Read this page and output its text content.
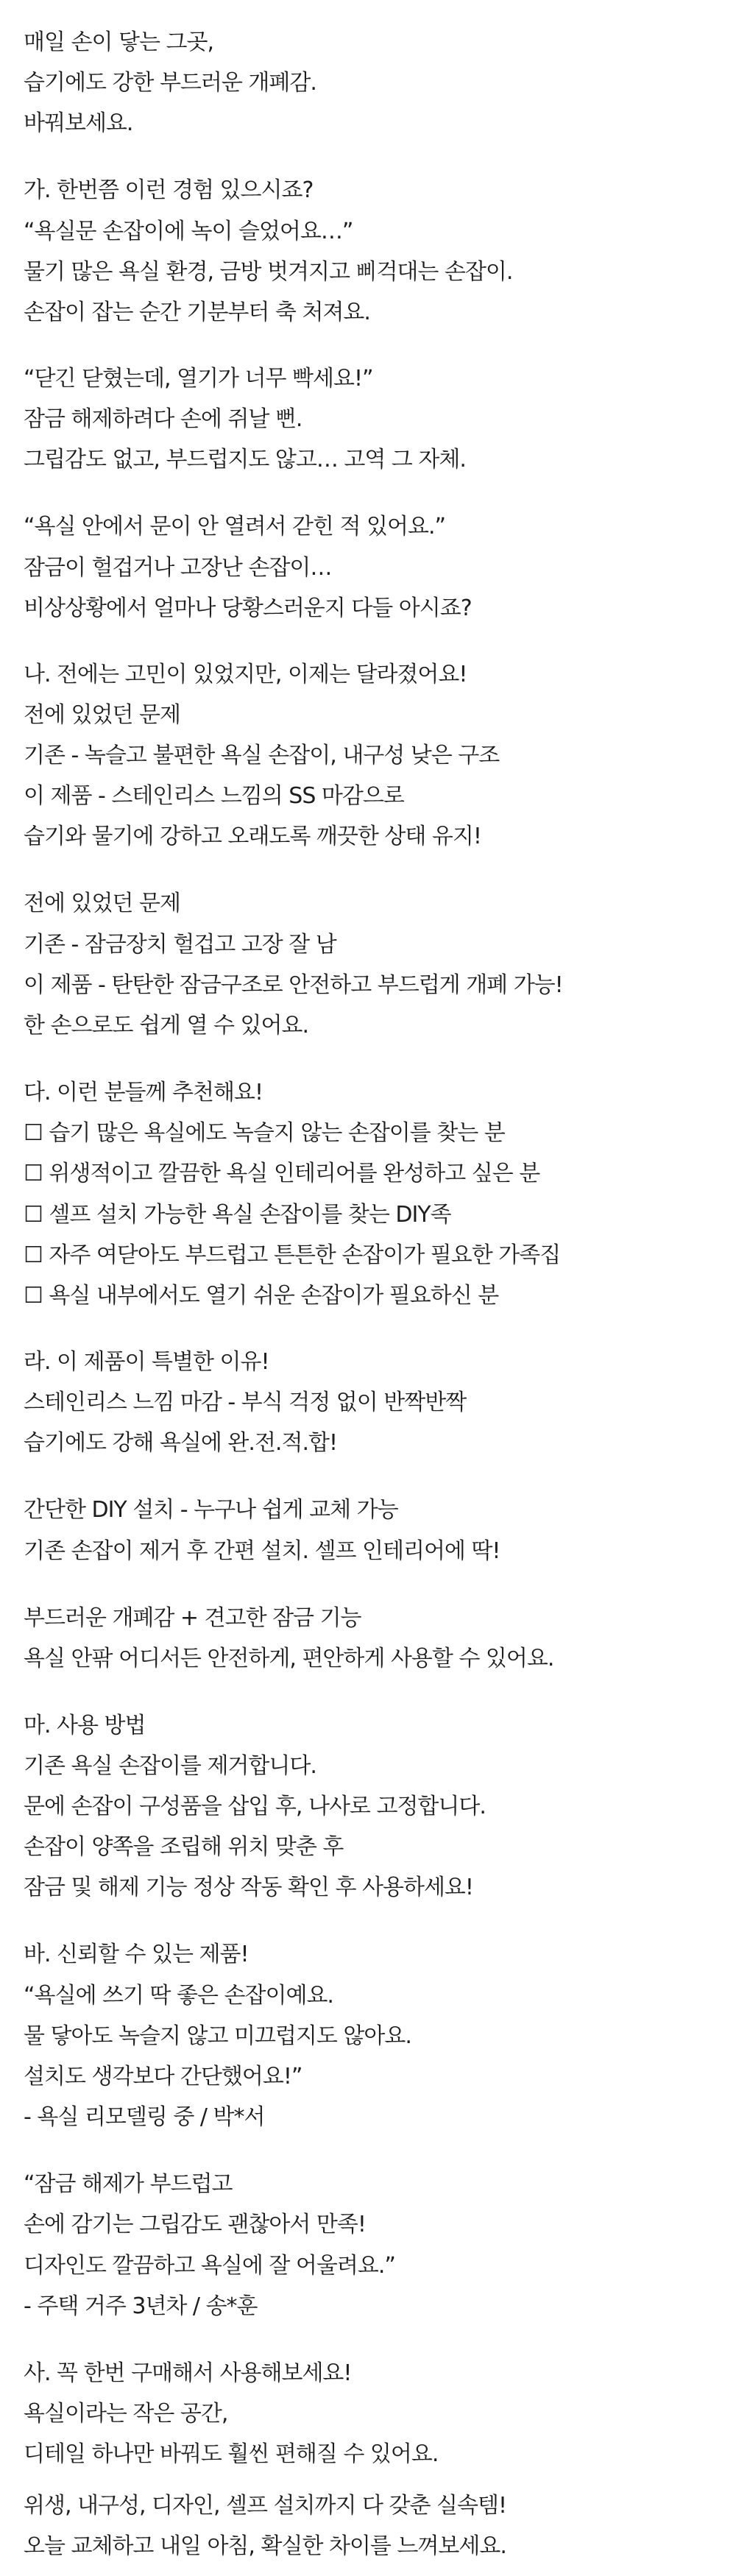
매일 손이 닿는 그곳,
습기에도 강한 부드러운 개폐감.
바꿔보세요.
가. 한번쯤 이런 경험 있으시죠?
“욕실문 손잡이에 녹이 슬었어요…”
물기 많은 욕실 환경, 금방 벗겨지고 삐걱대는 손잡이.
손잡이 잡는 순간 기분부터 축 처져요.
“닫긴 닫혔는데, 열기가 너무 빡세요!”
잠금 해제하려다 손에 쥐날 뻔.
그립감도 없고, 부드럽지도 않고… 고역 그 자체.
“욕실 안에서 문이 안 열려서 갇힌 적 있어요.”
잠금이 헐겁거나 고장난 손잡이…
비상상황에서 얼마나 당황스러운지 다들 아시죠?
나. 전에는 고민이 있었지만, 이제는 달라졌어요!
전에 있었던 문제
기존 - 녹슬고 불편한 욕실 손잡이, 내구성 낮은 구조
이 제품 - 스테인리스 느낌의 SS 마감으로
습기와 물기에 강하고 오래도록 깨끗한 상태 유지!
전에 있었던 문제
기존 - 잠금장치 헐겁고 고장 잘 남
이 제품 - 탄탄한 잠금구조로 안전하고 부드럽게 개폐 가능!
한 손으로도 쉽게 열 수 있어요.
다. 이런 분들께 추천해요!
☐ 습기 많은 욕실에도 녹슬지 않는 손잡이를 찾는 분
☐ 위생적이고 깔끔한 욕실 인테리어를 완성하고 싶은 분
☐ 셀프 설치 가능한 욕실 손잡이를 찾는 DIY족
☐ 자주 여닫아도 부드럽고 튼튼한 손잡이가 필요한 가족집
☐ 욕실 내부에서도 열기 쉬운 손잡이가 필요하신 분
라. 이 제품이 특별한 이유!
스테인리스 느낌 마감 - 부식 걱정 없이 반짝반짝
습기에도 강해 욕실에 완.전.적.합!
간단한 DIY 설치 - 누구나 쉽게 교체 가능
기존 손잡이 제거 후 간편 설치. 셀프 인테리어에 딱!
부드러운 개폐감 + 견고한 잠금 기능
욕실 안팎 어디서든 안전하게, 편안하게 사용할 수 있어요.
마. 사용 방법
기존 욕실 손잡이를 제거합니다.
문에 손잡이 구성품을 삽입 후, 나사로 고정합니다.
손잡이 양쪽을 조립해 위치 맞춘 후
잠금 및 해제 기능 정상 작동 확인 후 사용하세요!
바. 신뢰할 수 있는 제품!
“욕실에 쓰기 딱 좋은 손잡이예요.
물 닿아도 녹슬지 않고 미끄럽지도 않아요.
설치도 생각보다 간단했어요!”
- 욕실 리모델링 중 / 박*서
“잠금 해제가 부드럽고
손에 감기는 그립감도 괜찮아서 만족!
디자인도 깔끔하고 욕실에 잘 어울려요.”
- 주택 거주 3년차 / 송*훈
사. 꼭 한번 구매해서 사용해보세요!
욕실이라는 작은 공간,
디테일 하나만 바꿔도 훨씬 편해질 수 있어요.
위생, 내구성, 디자인, 셀프 설치까지 다 갖춘 실속템!
오늘 교체하고 내일 아침, 확실한 차이를 느껴보세요.
